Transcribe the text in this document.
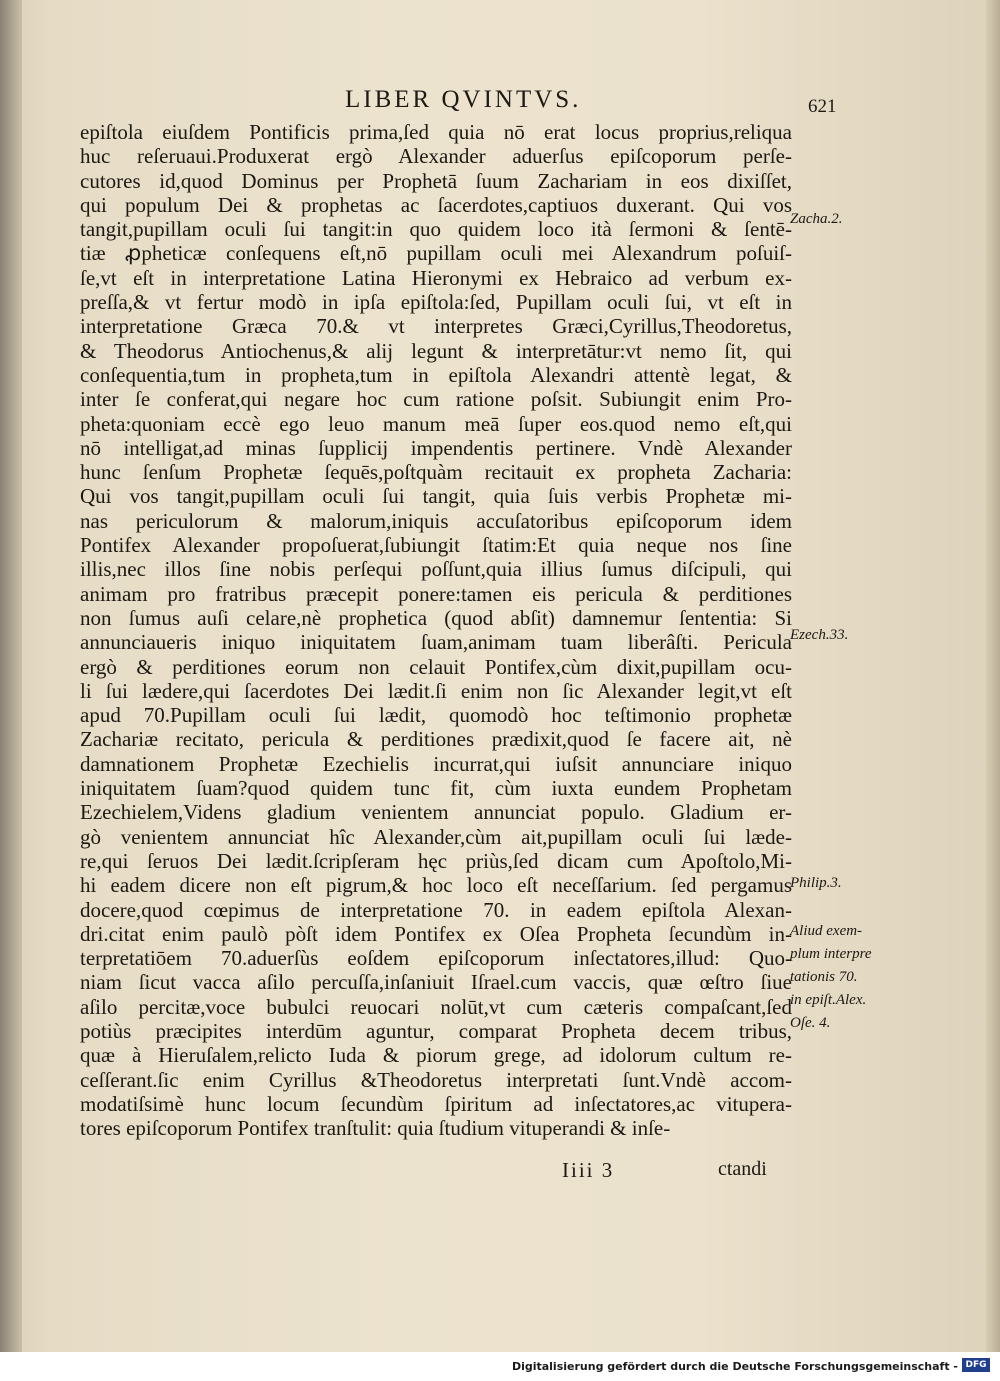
LIBER QVINTVS.	621
epiſtola eiuſdem Pontificis prima,ſed quia nō erat locus proprius,reliqua
huc reſeruaui.Produxerat ergò Alexander aduerſus epiſcoporum perſe-
cutores id,quod Dominus per Prophetā ſuum Zachariam in eos dixiſſet,
qui populum Dei & prophetas ac ſacerdotes,captiuos duxerant. Qui vos
tangit,pupillam oculi ſui tangit:in quo quidem loco ità ſermoni & ſentē-
tiæ ꝓpheticæ conſequens eſt,nō pupillam oculi mei Alexandrum poſuiſ-
ſe,vt eſt in interpretatione Latina Hieronymi ex Hebraico ad verbum ex-
preſſa,& vt fertur modò in ipſa epiſtola:ſed, Pupillam oculi ſui, vt eſt in
interpretatione Græca 70.& vt interpretes Græci,Cyrillus,Theodoretus,
& Theodorus Antiochenus,& alij legunt & interpretātur:vt nemo ſit, qui
conſequentia,tum in propheta,tum in epiſtola Alexandri attentè legat, &
inter ſe conferat,qui negare hoc cum ratione poſsit. Subiungit enim Pro-
pheta:quoniam eccè ego leuo manum meā ſuper eos.quod nemo eſt,qui
nō intelligat,ad minas ſupplicij impendentis pertinere. Vndè Alexander
hunc ſenſum Prophetæ ſequēs,poſtquàm recitauit ex propheta Zacharia:
Qui vos tangit,pupillam oculi ſui tangit, quia ſuis verbis Prophetæ mi-
nas periculorum & malorum,iniquis accuſatoribus epiſcoporum idem
Pontifex Alexander propoſuerat,ſubiungit ſtatim:Et quia neque nos ſine
illis,nec illos ſine nobis perſequi poſſunt,quia illius ſumus diſcipuli, qui
animam pro fratribus præcepit ponere:tamen eis pericula & perditiones
non ſumus auſi celare,nè prophetica (quod abſit) damnemur ſententia: Si
annunciaueris iniquo iniquitatem ſuam,animam tuam liberâſti. Pericula
ergò & perditiones eorum non celauit Pontifex,cùm dixit,pupillam ocu-
li ſui lædere,qui ſacerdotes Dei lædit.ſi enim non ſic Alexander legit,vt eſt
apud 70.Pupillam oculi ſui lædit, quomodò hoc teſtimonio prophetæ
Zachariæ recitato, pericula & perditiones prædixit,quod ſe facere ait, nè
damnationem Prophetæ Ezechielis incurrat,qui iuſsit annunciare iniquo
iniquitatem ſuam?quod quidem tunc fit, cùm iuxta eundem Prophetam
Ezechielem,Videns gladium venientem annunciat populo. Gladium er-
gò venientem annunciat hîc Alexander,cùm ait,pupillam oculi ſui læde-
re,qui ſeruos Dei lædit.ſcripſeram hęc priùs,ſed dicam cum Apoſtolo,Mi-
hi eadem dicere non eſt pigrum,& hoc loco eſt neceſſarium. ſed pergamus
docere,quod cœpimus de interpretatione 70. in eadem epiſtola Alexan-
dri.citat enim paulò pòſt idem Pontifex ex Oſea Propheta ſecundùm in-
terpretatiōem 70.aduerſùs eoſdem epiſcoporum inſectatores,illud: Quo-
niam ſicut vacca aſilo percuſſa,inſaniuit Iſrael.cum vaccis, quæ œſtro ſiue
aſilo percitæ,voce bubulci reuocari nolūt,vt cum cæteris compaſcant,ſed
potiùs præcipites interdūm aguntur, comparat Propheta decem tribus,
quæ à Hieruſalem,relicto Iuda & piorum grege, ad idolorum cultum re-
ceſſerant.ſic enim Cyrillus &Theodoretus interpretati ſunt.Vndè accom-
modatiſsimè hunc locum ſecundùm ſpiritum ad inſectatores,ac vitupera-
tores epiſcoporum Pontifex tranſtulit: quia ſtudium vituperandi & inſe-
Zacha.2.
Ezech.33.
Philip.3.
Aliud exem-
plum interpre
tationis 70.
in epiſt.Alex.
Oſe. 4.
Iiii 3	ctandi
Digitalisierung gefördert durch die Deutsche Forschungsgemeinschaft - DFG
